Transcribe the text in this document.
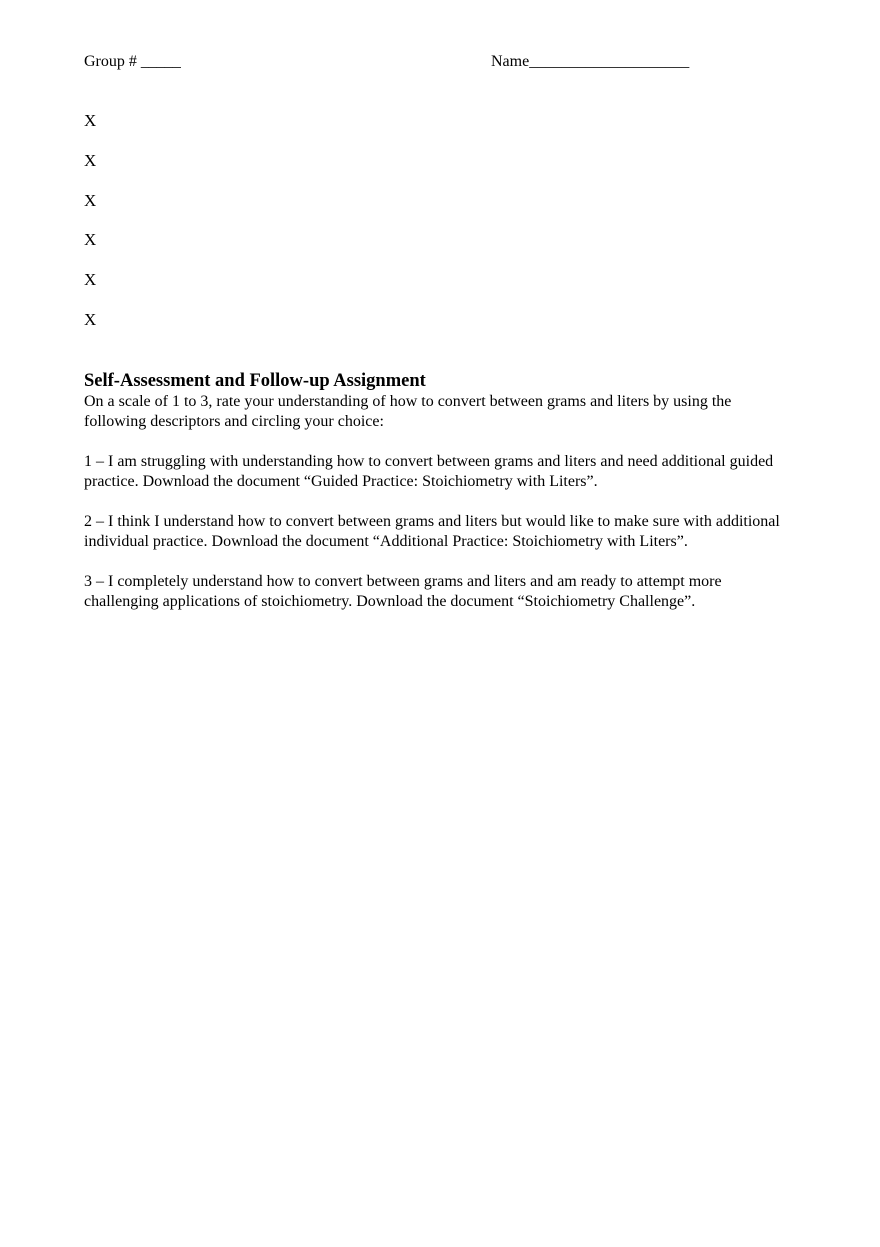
Group # _____	Name____________________
X
X
X
X
X
X
Self-Assessment and Follow-up Assignment

On a scale of 1 to 3, rate your understanding of how to convert between grams and liters by using the following descriptors and circling your choice:

1 – I am struggling with understanding how to convert between grams and liters and need additional guided practice. Download the document “Guided Practice: Stoichiometry with Liters”.

2 – I think I understand how to convert between grams and liters but would like to make sure with additional individual practice. Download the document “Additional Practice: Stoichiometry with Liters”.

3 – I completely understand how to convert between grams and liters and am ready to attempt more challenging applications of stoichiometry. Download the document “Stoichiometry Challenge”.
